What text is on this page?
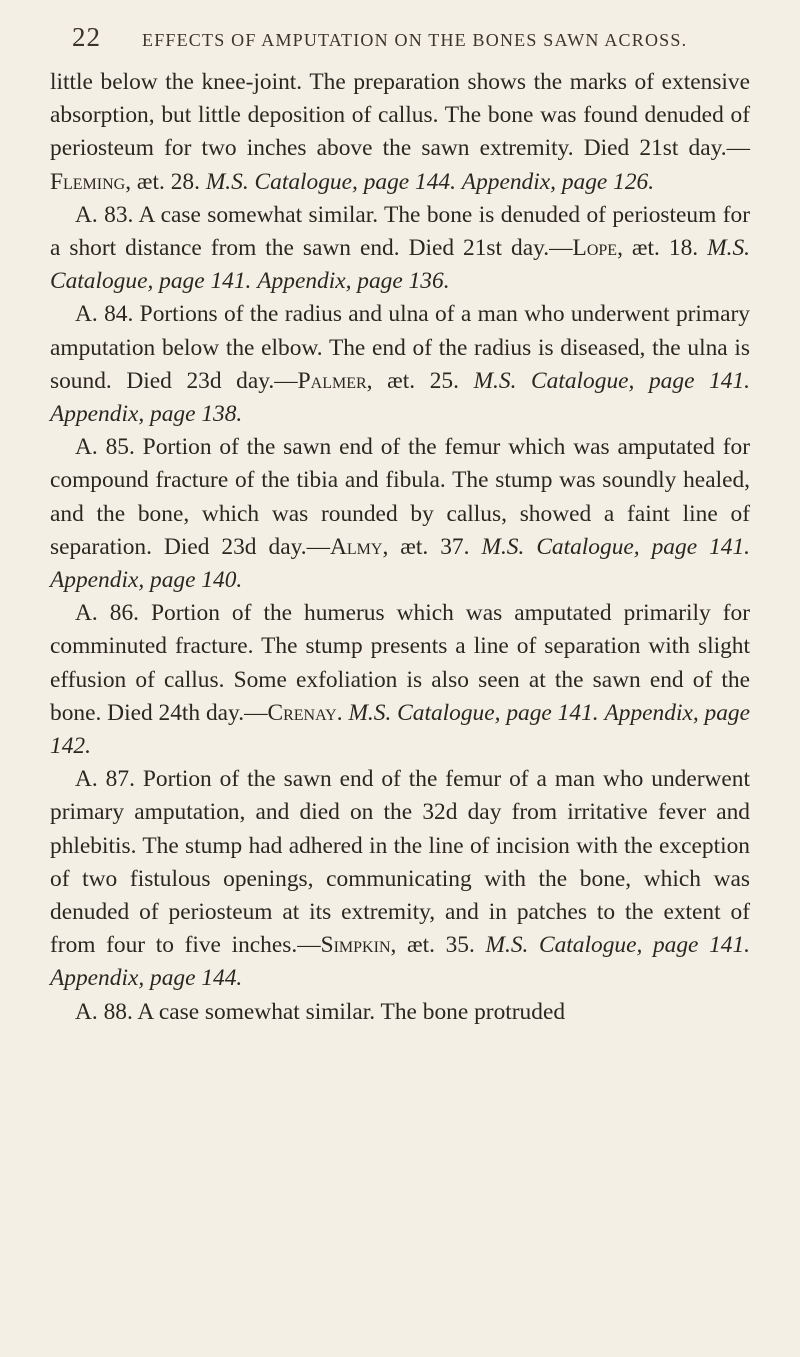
22 EFFECTS OF AMPUTATION ON THE BONES SAWN ACROSS.

little below the knee-joint. The preparation shows the marks of extensive absorption, but little deposition of callus. The bone was found denuded of periosteum for two inches above the sawn extremity. Died 21st day.—Fleming, æt. 28. M.S. Catalogue, page 144. Appendix, page 126.

A. 83. A case somewhat similar. The bone is denuded of periosteum for a short distance from the sawn end. Died 21st day.—Lope, æt. 18. M.S. Catalogue, page 141. Appendix, page 136.

A. 84. Portions of the radius and ulna of a man who underwent primary amputation below the elbow. The end of the radius is diseased, the ulna is sound. Died 23d day.—Palmer, æt. 25. M.S. Catalogue, page 141. Appendix, page 138.

A. 85. Portion of the sawn end of the femur which was amputated for compound fracture of the tibia and fibula. The stump was soundly healed, and the bone, which was rounded by callus, showed a faint line of separation. Died 23d day.—Almy, æt. 37. M.S. Catalogue, page 141. Appendix, page 140.

A. 86. Portion of the humerus which was amputated primarily for comminuted fracture. The stump presents a line of separation with slight effusion of callus. Some exfoliation is also seen at the sawn end of the bone. Died 24th day.—Crenay. M.S. Catalogue, page 141. Appendix, page 142.

A. 87. Portion of the sawn end of the femur of a man who underwent primary amputation, and died on the 32d day from irritative fever and phlebitis. The stump had adhered in the line of incision with the exception of two fistulous openings, communicating with the bone, which was denuded of periosteum at its extremity, and in patches to the extent of from four to five inches.—Simpkin, æt. 35. M.S. Catalogue, page 141. Appendix, page 144.

A. 88. A case somewhat similar. The bone protruded
